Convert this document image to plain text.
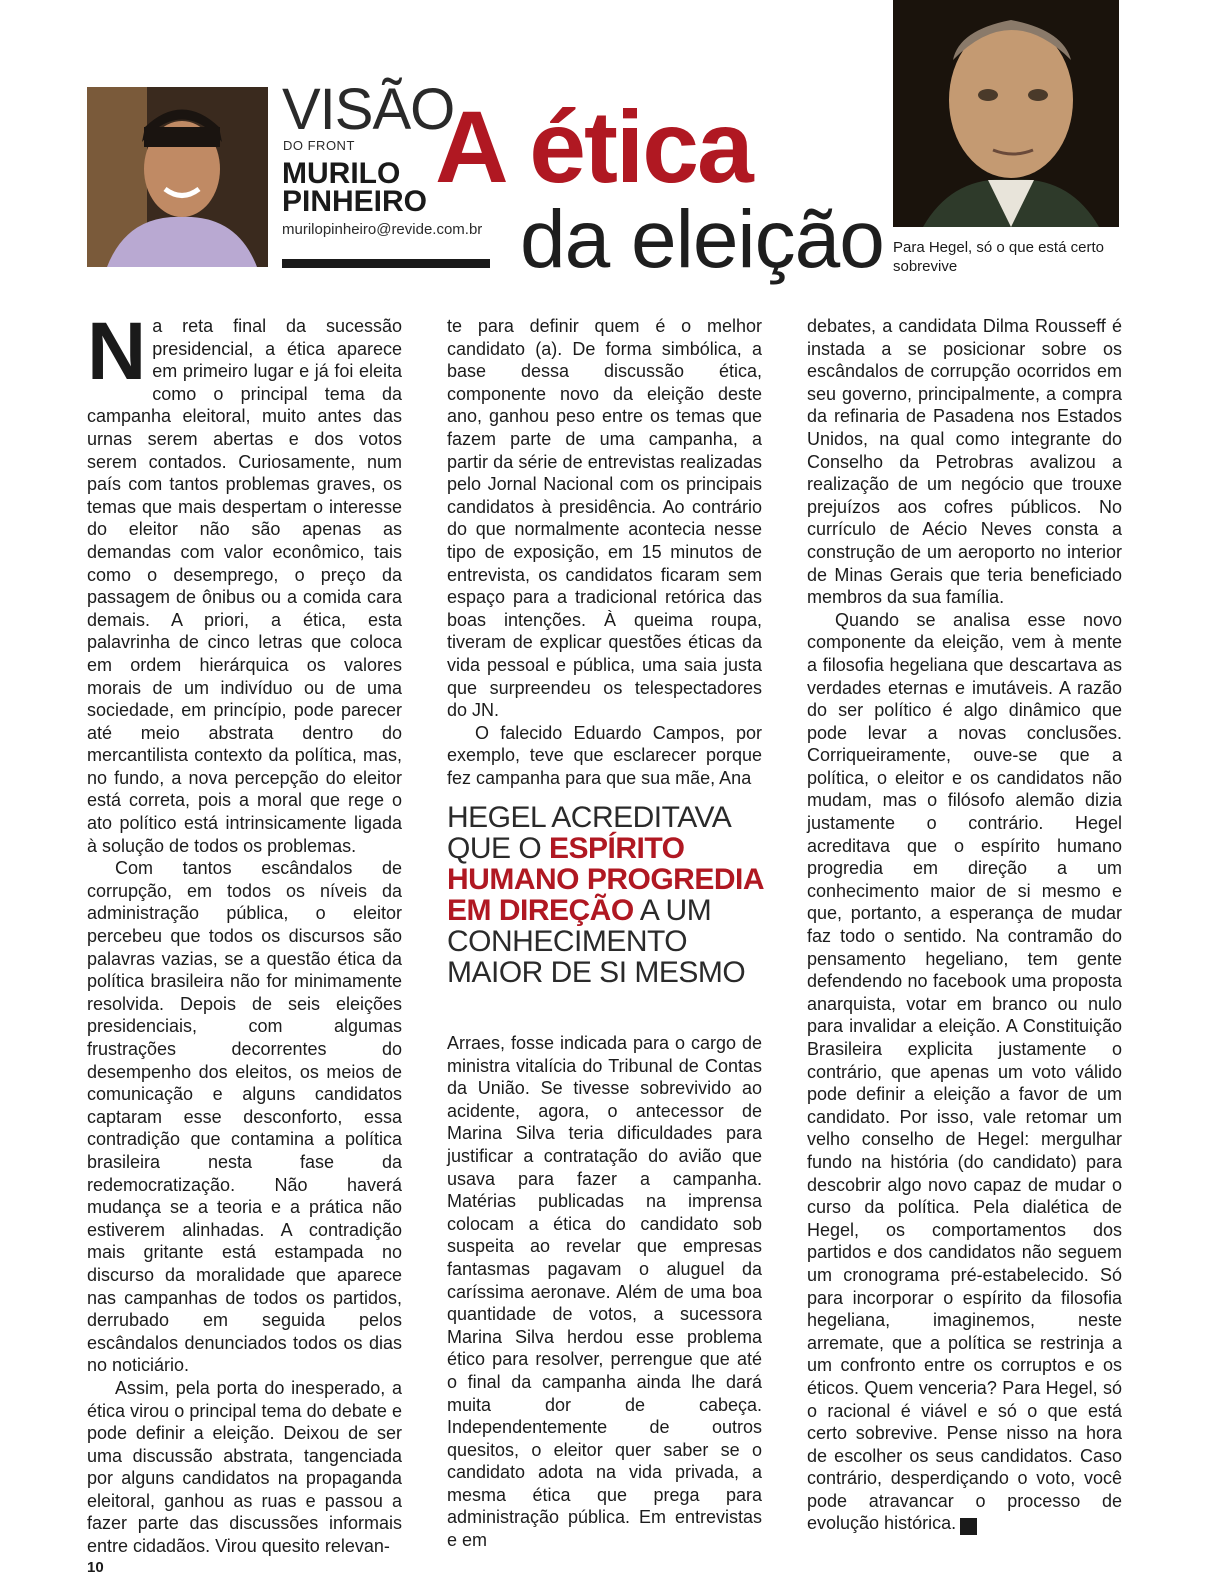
VISÃO
DO FRONT
MURILO PINHEIRO
murilopinheiro@revide.com.br
A ética
da eleição Para Hegel, só o que está certo sobrevive

Na reta final da sucessão presidencial, a ética aparece em primeiro lugar e já foi eleita como o principal tema da campanha eleitoral, muito antes das urnas serem abertas e dos votos serem contados. Curiosamente, num país com tantos problemas graves, os temas que mais despertam o interesse do eleitor não são apenas as demandas com valor econômico, tais como o desemprego, o preço da passagem de ônibus ou a comida cara demais. A priori, a ética, esta palavrinha de cinco letras que coloca em ordem hierárquica os valores morais de um indivíduo ou de uma sociedade, em princípio, pode parecer até meio abstrata dentro do mercantilista contexto da política, mas, no fundo, a nova percepção do eleitor está correta, pois a moral que rege o ato político está intrinsicamente ligada à solução de todos os problemas.

Com tantos escândalos de corrupção, em todos os níveis da administração pública, o eleitor percebeu que todos os discursos são palavras vazias, se a questão ética da política brasileira não for minimamente resolvida. Depois de seis eleições presidenciais, com algumas frustrações decorrentes do desempenho dos eleitos, os meios de comunicação e alguns candidatos captaram esse desconforto, essa contradição que contamina a política brasileira nesta fase da redemocratização. Não haverá mudança se a teoria e a prática não estiverem alinhadas. A contradição mais gritante está estampada no discurso da moralidade que aparece nas campanhas de todos os partidos, derrubado em seguida pelos escândalos denunciados todos os dias no noticiário.

Assim, pela porta do inesperado, a ética virou o principal tema do debate e pode definir a eleição. Deixou de ser uma discussão abstrata, tangenciada por alguns candidatos na propaganda eleitoral, ganhou as ruas e passou a fazer parte das discussões informais entre cidadãos. Virou quesito relevan-

te para definir quem é o melhor candidato (a). De forma simbólica, a base dessa discussão ética, componente novo da eleição deste ano, ganhou peso entre os temas que fazem parte de uma campanha, a partir da série de entrevistas realizadas pelo Jornal Nacional com os principais candidatos à presidência. Ao contrário do que normalmente acontecia nesse tipo de exposição, em 15 minutos de entrevista, os candidatos ficaram sem espaço para a tradicional retórica das boas intenções. À queima roupa, tiveram de explicar questões éticas da vida pessoal e pública, uma saia justa que surpreendeu os telespectadores do JN.

O falecido Eduardo Campos, por exemplo, teve que esclarecer porque fez campanha para que sua mãe, Ana

HEGEL ACREDITAVA QUE O ESPÍRITO HUMANO PROGREDIA EM DIREÇÃO A UM CONHECIMENTO MAIOR DE SI MESMO

Arraes, fosse indicada para o cargo de ministra vitalícia do Tribunal de Contas da União. Se tivesse sobrevivido ao acidente, agora, o antecessor de Marina Silva teria dificuldades para justificar a contratação do avião que usava para fazer a campanha. Matérias publicadas na imprensa colocam a ética do candidato sob suspeita ao revelar que empresas fantasmas pagavam o aluguel da caríssima aeronave. Além de uma boa quantidade de votos, a sucessora Marina Silva herdou esse problema ético para resolver, perrengue que até o final da campanha ainda lhe dará muita dor de cabeça. Independentemente de outros quesitos, o eleitor quer saber se o candidato adota na vida privada, a mesma ética que prega para administração pública. Em entrevistas e em

debates, a candidata Dilma Rousseff é instada a se posicionar sobre os escândalos de corrupção ocorridos em seu governo, principalmente, a compra da refinaria de Pasadena nos Estados Unidos, na qual como integrante do Conselho da Petrobras avalizou a realização de um negócio que trouxe prejuízos aos cofres públicos. No currículo de Aécio Neves consta a construção de um aeroporto no interior de Minas Gerais que teria beneficiado membros da sua família.

Quando se analisa esse novo componente da eleição, vem à mente a filosofia hegeliana que descartava as verdades eternas e imutáveis. A razão do ser político é algo dinâmico que pode levar a novas conclusões. Corriqueiramente, ouve-se que a política, o eleitor e os candidatos não mudam, mas o filósofo alemão dizia justamente o contrário. Hegel acreditava que o espírito humano progredia em direção a um conhecimento maior de si mesmo e que, portanto, a esperança de mudar faz todo o sentido. Na contramão do pensamento hegeliano, tem gente defendendo no facebook uma proposta anarquista, votar em branco ou nulo para invalidar a eleição. A Constituição Brasileira explicita justamente o contrário, que apenas um voto válido pode definir a eleição a favor de um candidato. Por isso, vale retomar um velho conselho de Hegel: mergulhar fundo na história (do candidato) para descobrir algo novo capaz de mudar o curso da política. Pela dialética de Hegel, os comportamentos dos partidos e dos candidatos não seguem um cronograma pré-estabelecido. Só para incorporar o espírito da filosofia hegeliana, imaginemos, neste arremate, que a política se restrinja a um confronto entre os corruptos e os éticos. Quem venceria? Para Hegel, só o racional é viável e só o que está certo sobrevive. Pense nisso na hora de escolher os seus candidatos. Caso contrário, desperdiçando o voto, você pode atravancar o processo de evolução histórica. r

10
